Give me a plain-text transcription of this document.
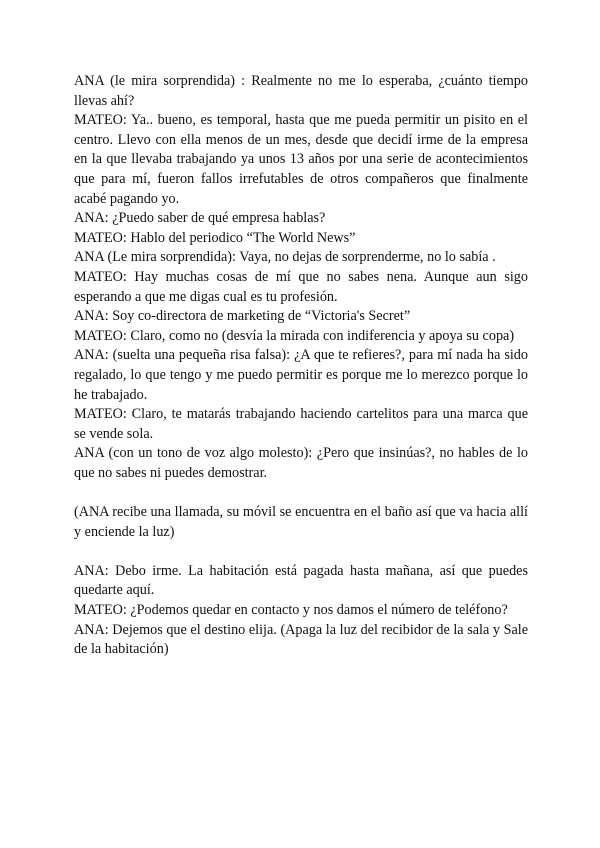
ANA (le mira sorprendida) : Realmente no me lo esperaba, ¿cuánto tiempo llevas ahí?

MATEO: Ya.. bueno, es temporal, hasta que me pueda permitir un pisito en el centro. Llevo con ella menos de un mes, desde que decidí irme de la empresa en la que llevaba trabajando ya unos 13 años por una serie de acontecimientos que para mí, fueron fallos irrefutables de otros compañeros que finalmente acabé pagando yo.

ANA: ¿Puedo saber de qué empresa hablas?

MATEO: Hablo del periodico “The World News”

ANA (Le mira sorprendida): Vaya, no dejas de sorprenderme, no lo sabía .

MATEO: Hay muchas cosas de mí que no sabes nena. Aunque aun sigo esperando a que me digas cual es tu profesión.

ANA: Soy co-directora de marketing de “Victoria's Secret”

MATEO: Claro, como no (desvía la mirada con indiferencia y apoya su copa)

ANA: (suelta una pequeña risa falsa): ¿A que te refieres?, para mí nada ha sido regalado, lo que tengo y me puedo permitir es porque me lo merezco porque lo he trabajado.

MATEO: Claro, te matarás trabajando haciendo cartelitos para una marca que se vende sola.

ANA (con un tono de voz algo molesto): ¿Pero que insinúas?, no hables de lo que no sabes ni puedes demostrar.

(ANA recibe una llamada, su móvil se encuentra en el baño así que va hacia allí y enciende la luz)

ANA: Debo irme. La habitación está pagada hasta mañana, así que puedes quedarte aquí.

MATEO: ¿Podemos quedar en contacto y nos damos el número de teléfono?

ANA: Dejemos que el destino elija. (Apaga la luz del recibidor de la sala y Sale de la habitación)
